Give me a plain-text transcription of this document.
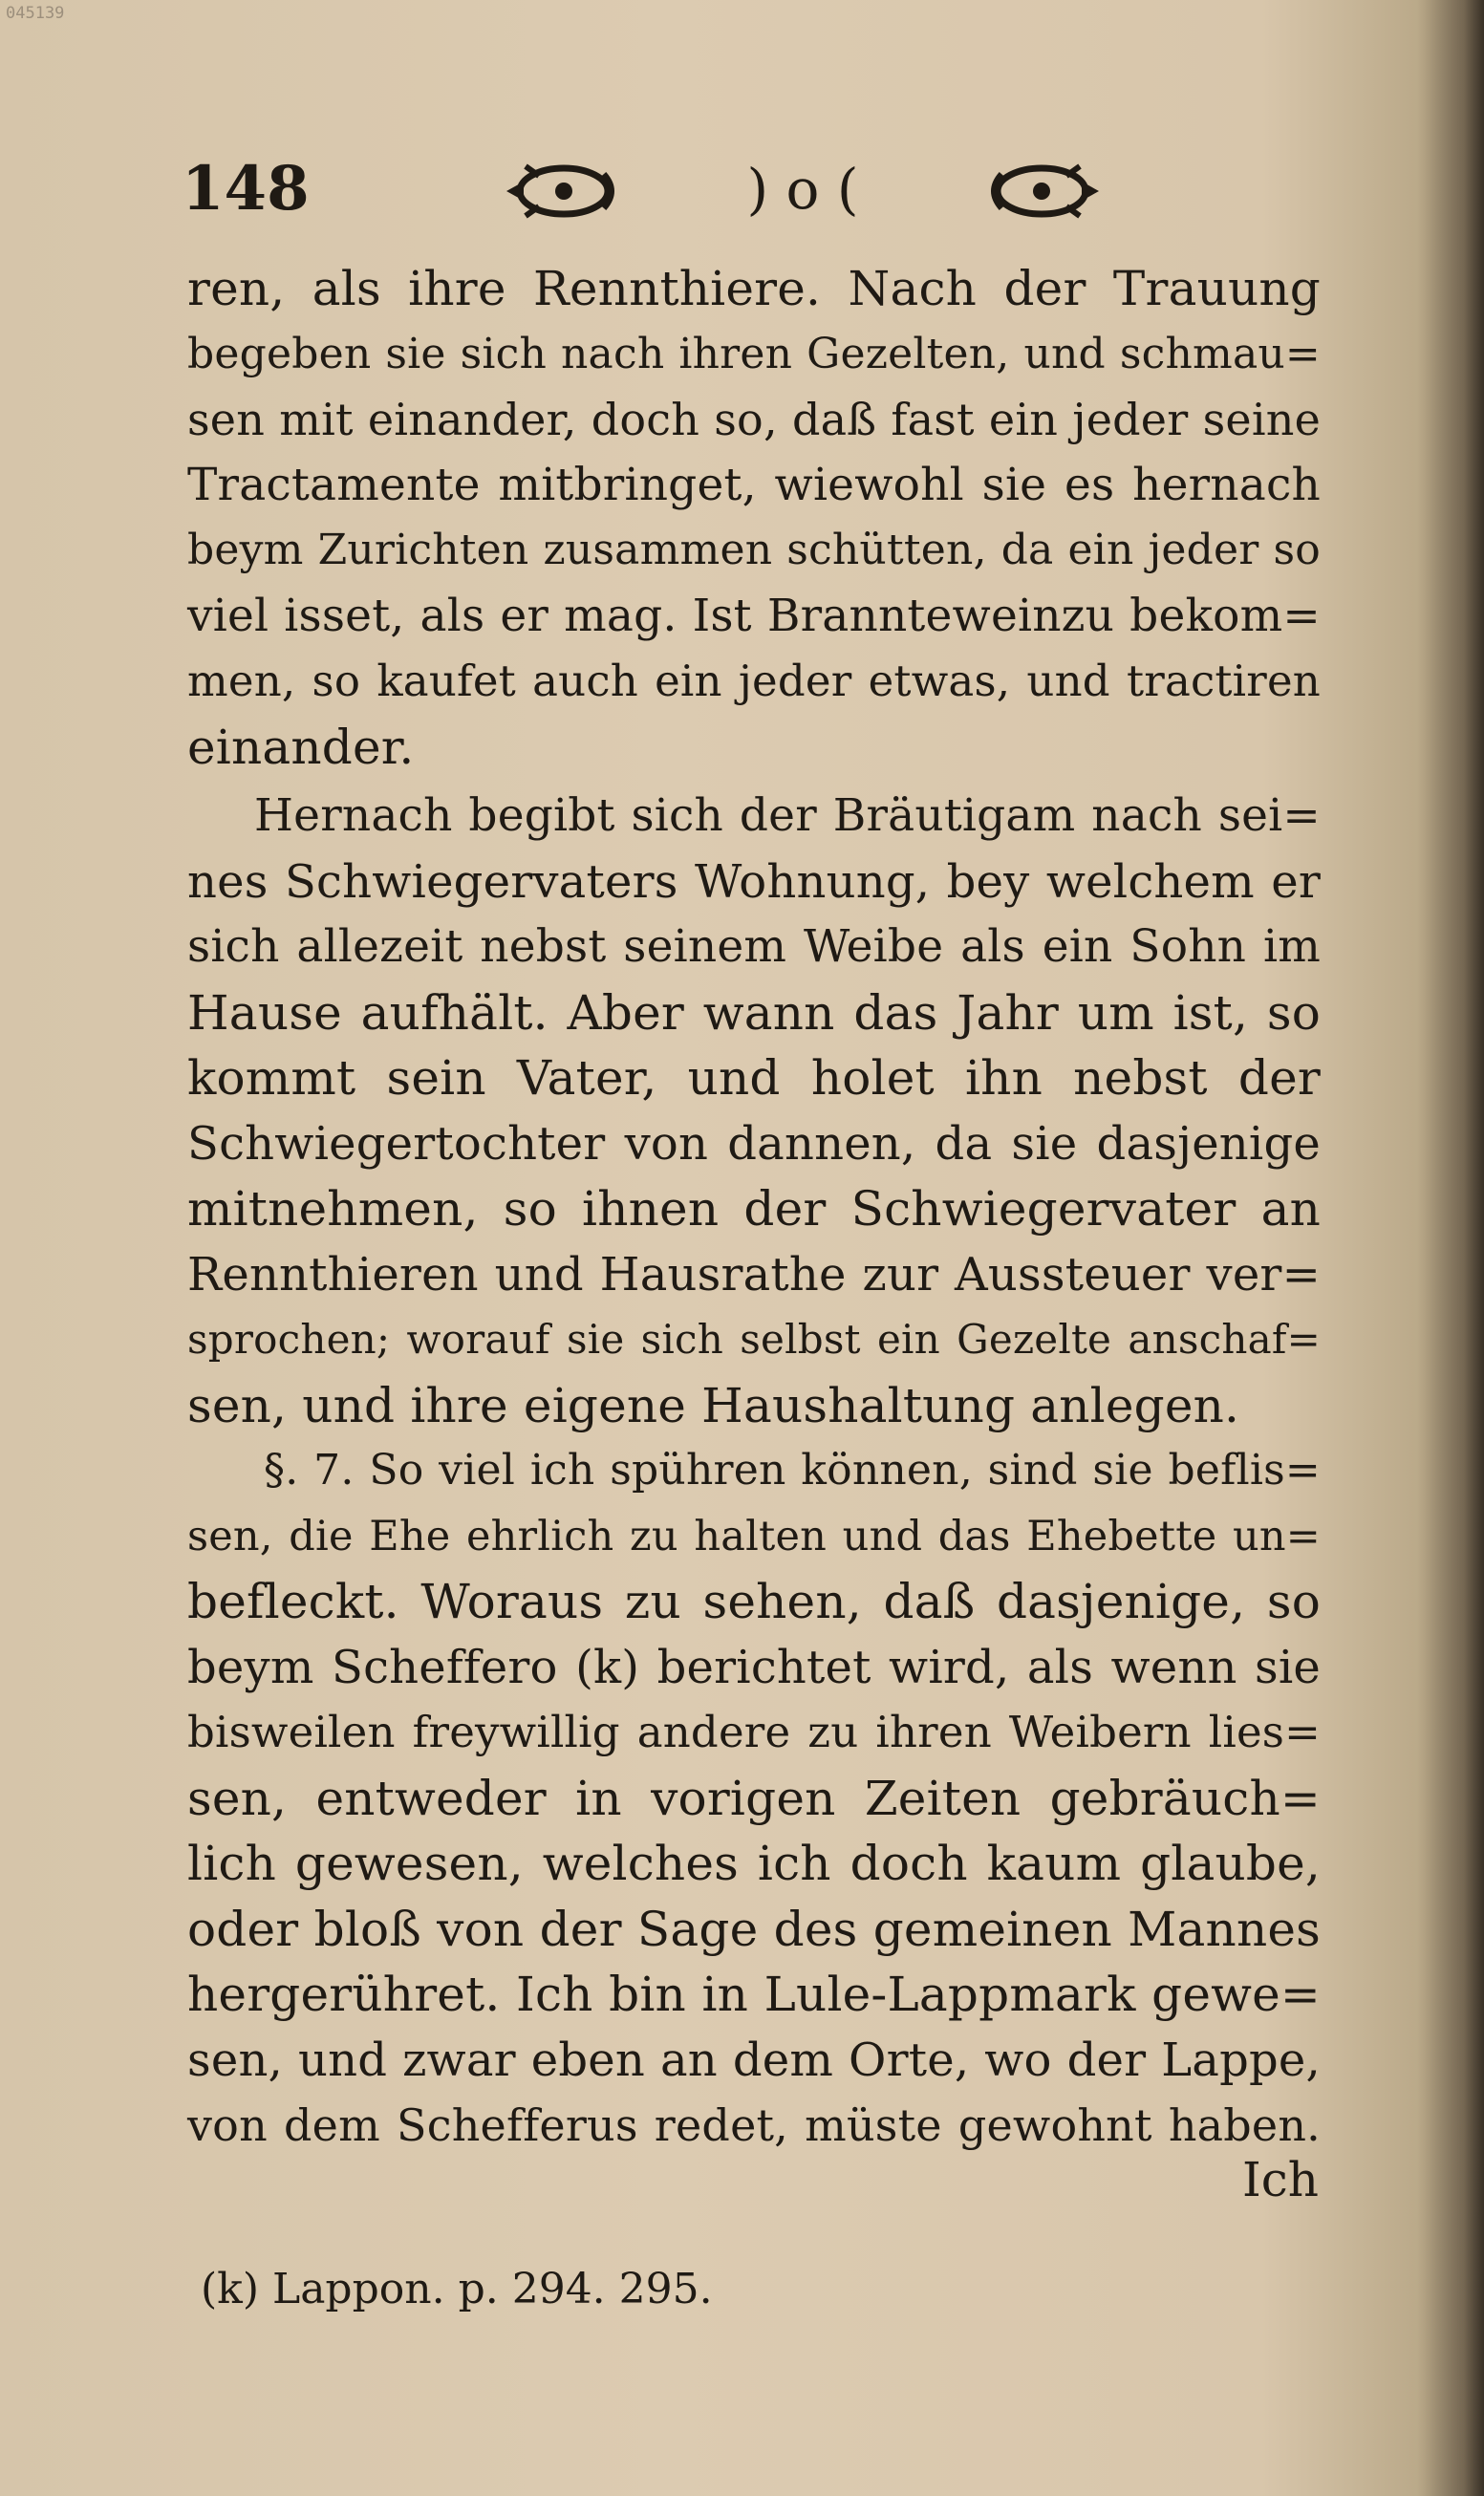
045139
148	) o (
ren, als ihre Rennthiere. Nach der Trauung
begeben sie sich nach ihren Gezelten, und schmau=
sen mit einander, doch so, daß fast ein jeder seine
Tractamente mitbringet, wiewohl sie es hernach
beym Zurichten zusammen schütten, da ein jeder so
viel isset, als er mag. Ist Brannteweinzu bekom=
men, so kaufet auch ein jeder etwas, und tractiren
einander.
Hernach begibt sich der Bräutigam nach sei=
nes Schwiegervaters Wohnung, bey welchem er
sich allezeit nebst seinem Weibe als ein Sohn im
Hause aufhält. Aber wann das Jahr um ist, so
kommt sein Vater, und holet ihn nebst der
Schwiegertochter von dannen, da sie dasjenige
mitnehmen, so ihnen der Schwiegervater an
Rennthieren und Hausrathe zur Aussteuer ver=
sprochen; worauf sie sich selbst ein Gezelte anschaf=
sen, und ihre eigene Haushaltung anlegen.
§. 7. So viel ich spühren können, sind sie beflis=
sen, die Ehe ehrlich zu halten und das Ehebette un=
befleckt. Woraus zu sehen, daß dasjenige, so
beym Scheffero (k) berichtet wird, als wenn sie
bisweilen freywillig andere zu ihren Weibern lies=
sen, entweder in vorigen Zeiten gebräuch=
lich gewesen, welches ich doch kaum glaube,
oder bloß von der Sage des gemeinen Mannes
hergerühret. Ich bin in Lule-Lappmark gewe=
sen, und zwar eben an dem Orte, wo der Lappe,
von dem Schefferus redet, müste gewohnt haben.
Ich
(k) Lappon. p. 294. 295.
